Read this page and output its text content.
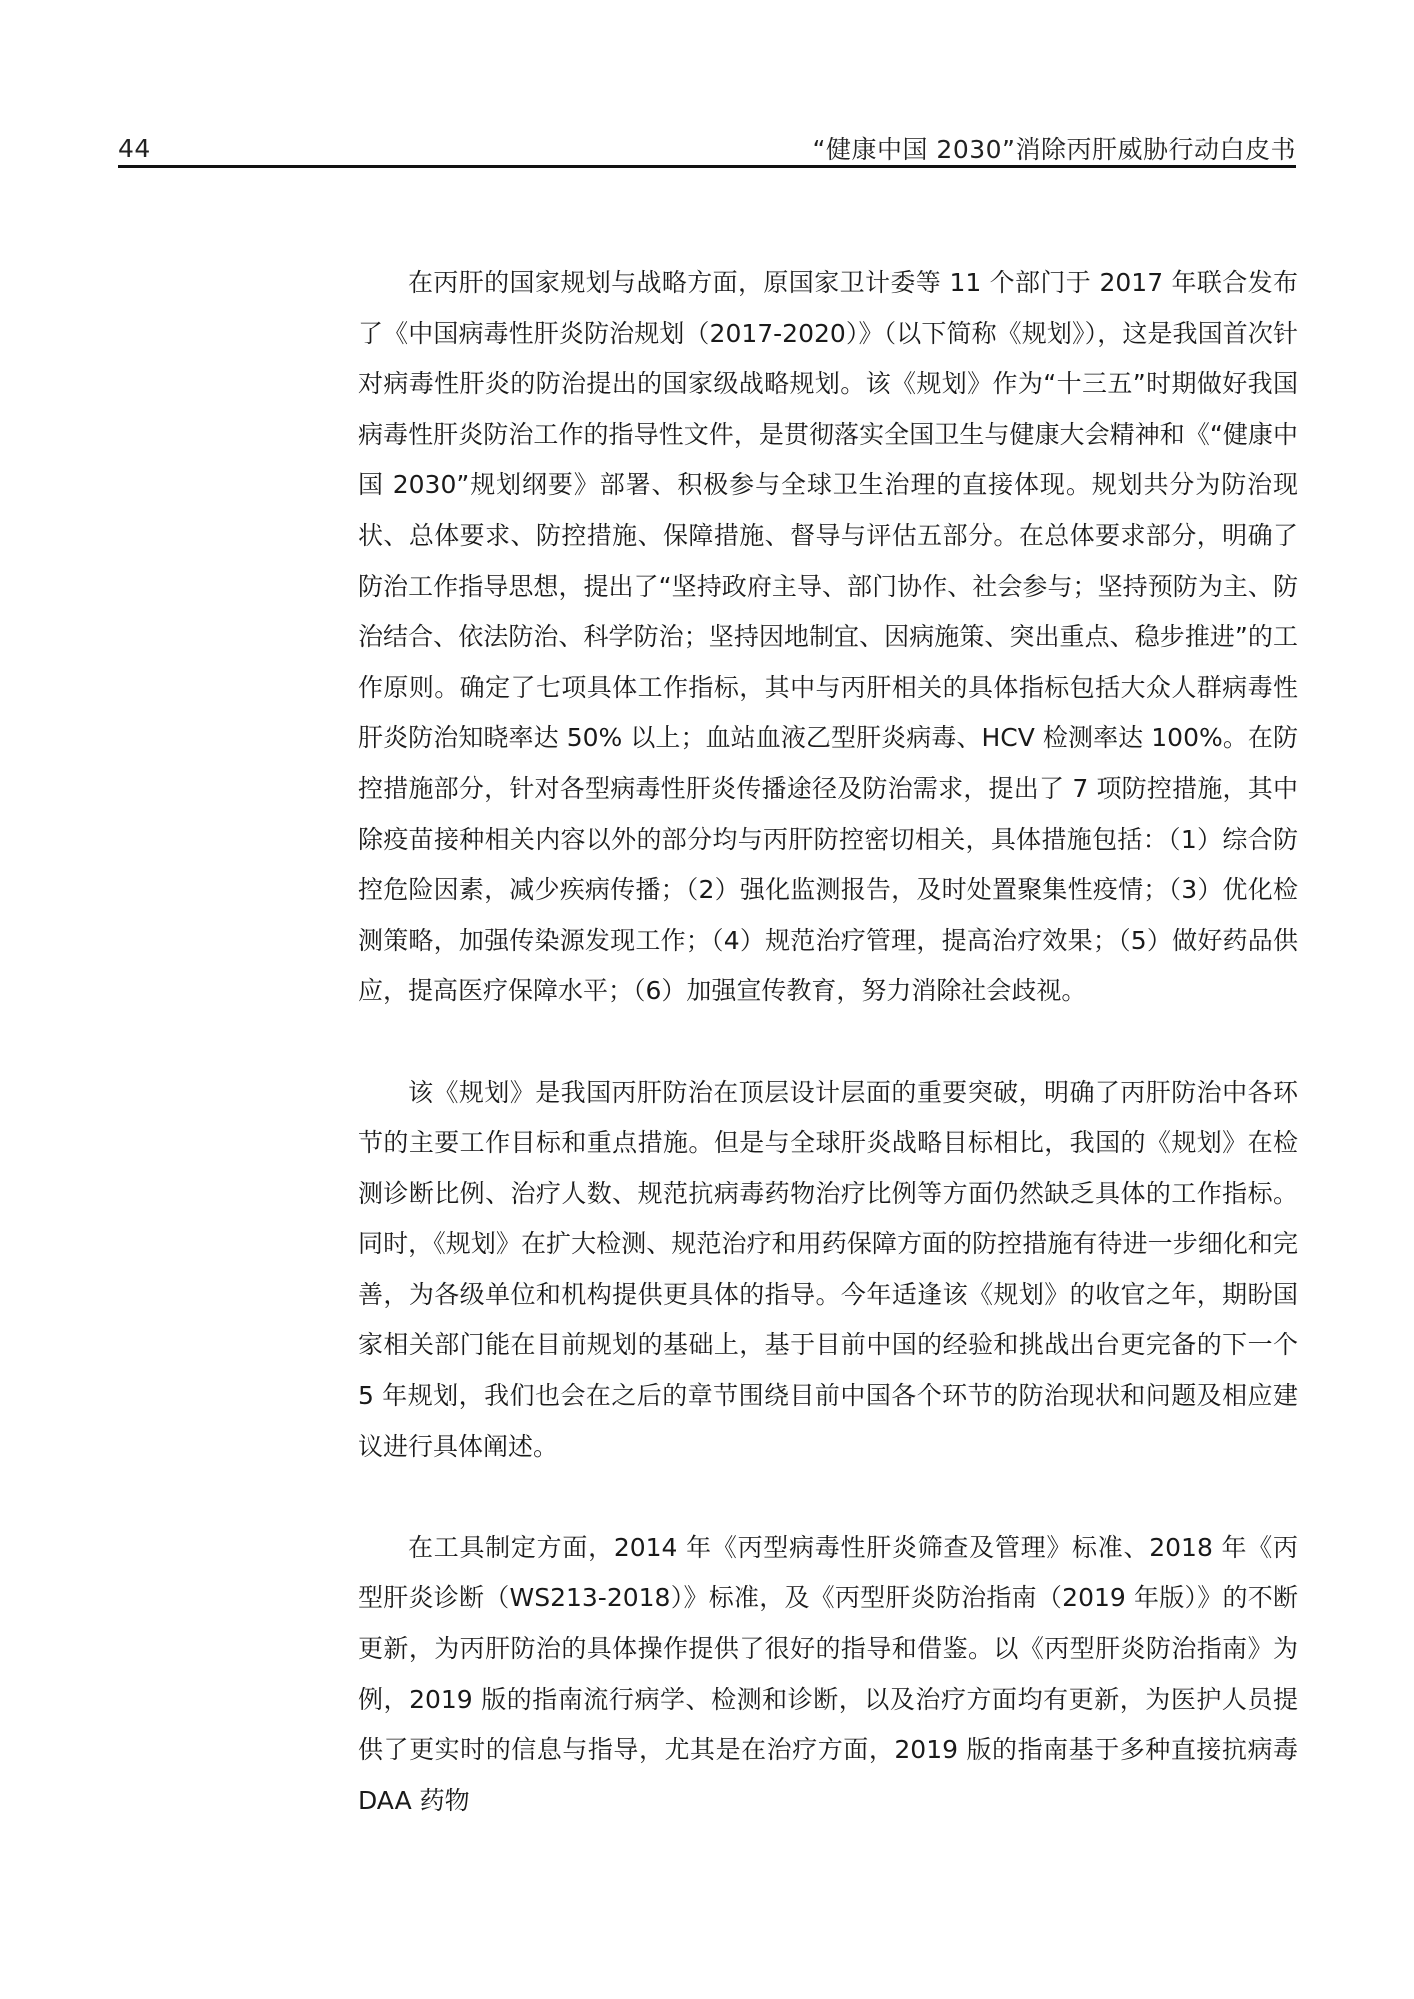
44	“健康中国 2030”消除丙肝威胁行动白皮书

在丙肝的国家规划与战略方面，原国家卫计委等 11 个部门于 2017 年联合发布了《中国病毒性肝炎防治规划（2017-2020）》（以下简称《规划》），这是我国首次针对病毒性肝炎的防治提出的国家级战略规划。该《规划》作为“十三五”时期做好我国病毒性肝炎防治工作的指导性文件，是贯彻落实全国卫生与健康大会精神和《“健康中国 2030”规划纲要》部署、积极参与全球卫生治理的直接体现。规划共分为防治现状、总体要求、防控措施、保障措施、督导与评估五部分。在总体要求部分，明确了防治工作指导思想，提出了“坚持政府主导、部门协作、社会参与；坚持预防为主、防治结合、依法防治、科学防治；坚持因地制宜、因病施策、突出重点、稳步推进”的工作原则。确定了七项具体工作指标，其中与丙肝相关的具体指标包括大众人群病毒性肝炎防治知晓率达 50% 以上；血站血液乙型肝炎病毒、HCV 检测率达 100%。在防控措施部分，针对各型病毒性肝炎传播途径及防治需求，提出了 7 项防控措施，其中除疫苗接种相关内容以外的部分均与丙肝防控密切相关，具体措施包括：（1）综合防控危险因素，减少疾病传播；（2）强化监测报告，及时处置聚集性疫情；（3）优化检测策略，加强传染源发现工作；（4）规范治疗管理，提高治疗效果；（5）做好药品供应，提高医疗保障水平；（6）加强宣传教育，努力消除社会歧视。

该《规划》是我国丙肝防治在顶层设计层面的重要突破，明确了丙肝防治中各环节的主要工作目标和重点措施。但是与全球肝炎战略目标相比，我国的《规划》在检测诊断比例、治疗人数、规范抗病毒药物治疗比例等方面仍然缺乏具体的工作指标。同时，《规划》在扩大检测、规范治疗和用药保障方面的防控措施有待进一步细化和完善，为各级单位和机构提供更具体的指导。今年适逢该《规划》的收官之年，期盼国家相关部门能在目前规划的基础上，基于目前中国的经验和挑战出台更完备的下一个 5 年规划，我们也会在之后的章节围绕目前中国各个环节的防治现状和问题及相应建议进行具体阐述。

在工具制定方面，2014 年《丙型病毒性肝炎筛查及管理》标准、2018 年《丙型肝炎诊断（WS213-2018）》标准，及《丙型肝炎防治指南（2019 年版）》的不断更新，为丙肝防治的具体操作提供了很好的指导和借鉴。以《丙型肝炎防治指南》为例，2019 版的指南流行病学、检测和诊断，以及治疗方面均有更新，为医护人员提供了更实时的信息与指导，尤其是在治疗方面，2019 版的指南基于多种直接抗病毒 DAA 药物
